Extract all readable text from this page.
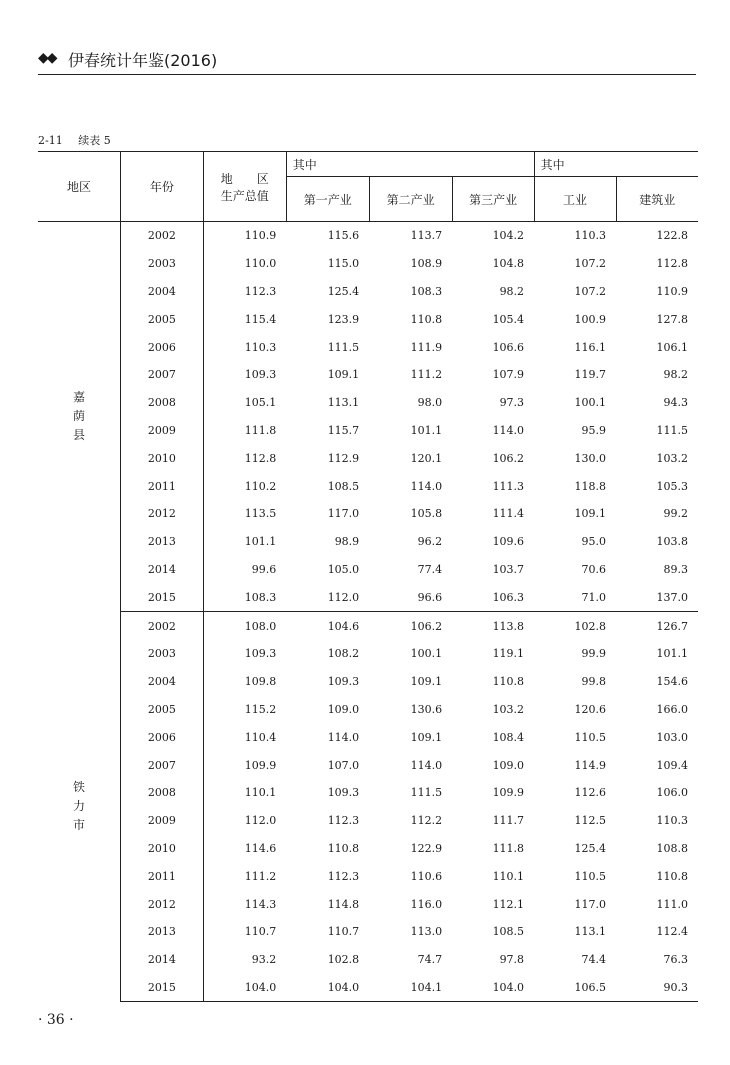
◆◆ 伊春统计年鉴(2016)
2-11 续表 5
地区	年份	地　　区
生产总值	其中			其中	
			第一产业	第二产业	第三产业	工业	建筑业

嘉
荫
县	2002	110.9	115.6	113.7	104.2	110.3	122.8
	2003	110.0	115.0	108.9	104.8	107.2	112.8
	2004	112.3	125.4	108.3	98.2	107.2	110.9
	2005	115.4	123.9	110.8	105.4	100.9	127.8
	2006	110.3	111.5	111.9	106.6	116.1	106.1
	2007	109.3	109.1	111.2	107.9	119.7	98.2
	2008	105.1	113.1	98.0	97.3	100.1	94.3
	2009	111.8	115.7	101.1	114.0	95.9	111.5
	2010	112.8	112.9	120.1	106.2	130.0	103.2
	2011	110.2	108.5	114.0	111.3	118.8	105.3
	2012	113.5	117.0	105.8	111.4	109.1	99.2
	2013	101.1	98.9	96.2	109.6	95.0	103.8
	2014	99.6	105.0	77.4	103.7	70.6	89.3
	2015	108.3	112.0	96.6	106.3	71.0	137.0

铁
力
市	2002	108.0	104.6	106.2	113.8	102.8	126.7
	2003	109.3	108.2	100.1	119.1	99.9	101.1
	2004	109.8	109.3	109.1	110.8	99.8	154.6
	2005	115.2	109.0	130.6	103.2	120.6	166.0
	2006	110.4	114.0	109.1	108.4	110.5	103.0
	2007	109.9	107.0	114.0	109.0	114.9	109.4
	2008	110.1	109.3	111.5	109.9	112.6	106.0
	2009	112.0	112.3	112.2	111.7	112.5	110.3
	2010	114.6	110.8	122.9	111.8	125.4	108.8
	2011	111.2	112.3	110.6	110.1	110.5	110.8
	2012	114.3	114.8	116.0	112.1	117.0	111.0
	2013	110.7	110.7	113.0	108.5	113.1	112.4
	2014	93.2	102.8	74.7	97.8	74.4	76.3
	2015	104.0	104.0	104.1	104.0	106.5	90.3
· 36 ·
